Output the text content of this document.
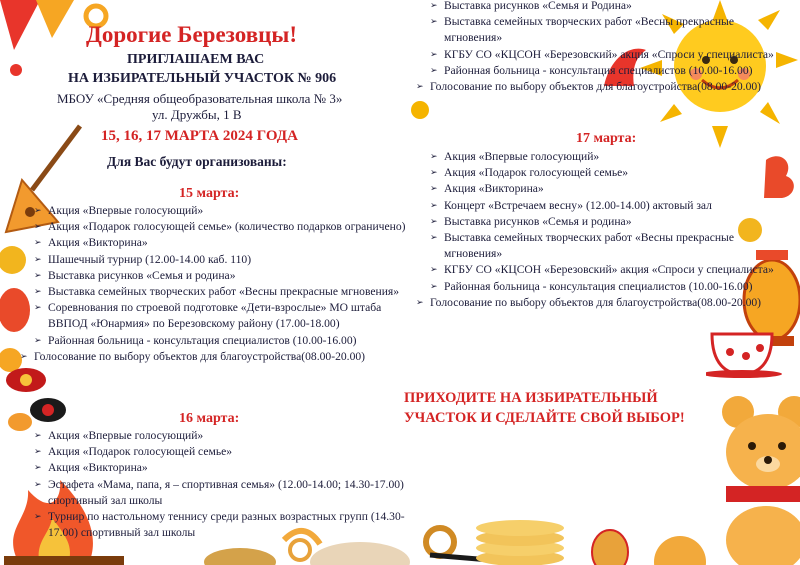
Дорогие Березовцы!
ПРИГЛАШАЕМ ВАС
НА ИЗБИРАТЕЛЬНЫЙ УЧАСТОК № 906
МБОУ «Средняя общеобразовательная школа № 3»
ул. Дружбы, 1 В
15, 16, 17 МАРТА 2024 ГОДА
Для Вас будут организованы:
15 марта:
➢ Акция «Впервые голосующий»
➢ Акция «Подарок голосующей семье» (количество подарков ограничено)
➢ Акция «Викторина»
➢ Шашечный турнир (12.00-14.00 каб. 110)
➢ Выставка рисунков «Семья и родина»
➢ Выставка семейных творческих работ «Весны прекрасные мгновения»
➢ Соревнования по строевой подготовке «Дети-взрослые» МО штаба ВВПОД «Юнармия» по Березовскому району (17.00-18.00)
➢ Районная больница - консультация специалистов (10.00-16.00)
➢ Голосование по выбору объектов для благоустройства(08.00-20.00)
16 марта:
➢ Акция «Впервые голосующий»
➢ Акция «Подарок голосующей семье»
➢ Акция «Викторина»
➢ Эстафета «Мама, папа, я – спортивная семья» (12.00-14.00; 14.30-17.00) спортивный зал школы
➢ Турнир по настольному теннису среди разных возрастных групп (14.30-17.00) спортивный зал школы
➢ Выставка рисунков «Семья и Родина»
➢ Выставка семейных творческих работ «Весны прекрасные мгновения»
➢ КГБУ СО «КЦСОН «Березовский» акция «Спроси у специалиста»
➢ Районная больница - консультация специалистов (10.00-16.00)
➢ Голосование по выбору объектов для благоустройства(08.00-20.00)
17 марта:
➢ Акция «Впервые голосующий»
➢ Акция «Подарок голосующей семье»
➢ Акция «Викторина»
➢ Концерт «Встречаем весну» (12.00-14.00) актовый зал
➢ Выставка рисунков «Семья и родина»
➢ Выставка семейных творческих работ «Весны прекрасные мгновения»
➢ КГБУ СО «КЦСОН «Березовский» акция «Спроси у специалиста»
➢ Районная больница - консультация специалистов (10.00-16.00)
➢ Голосование по выбору объектов для благоустройства(08.00-20.00)
ПРИХОДИТЕ НА ИЗБИРАТЕЛЬНЫЙ
УЧАСТОК И СДЕЛАЙТЕ СВОЙ ВЫБОР!
